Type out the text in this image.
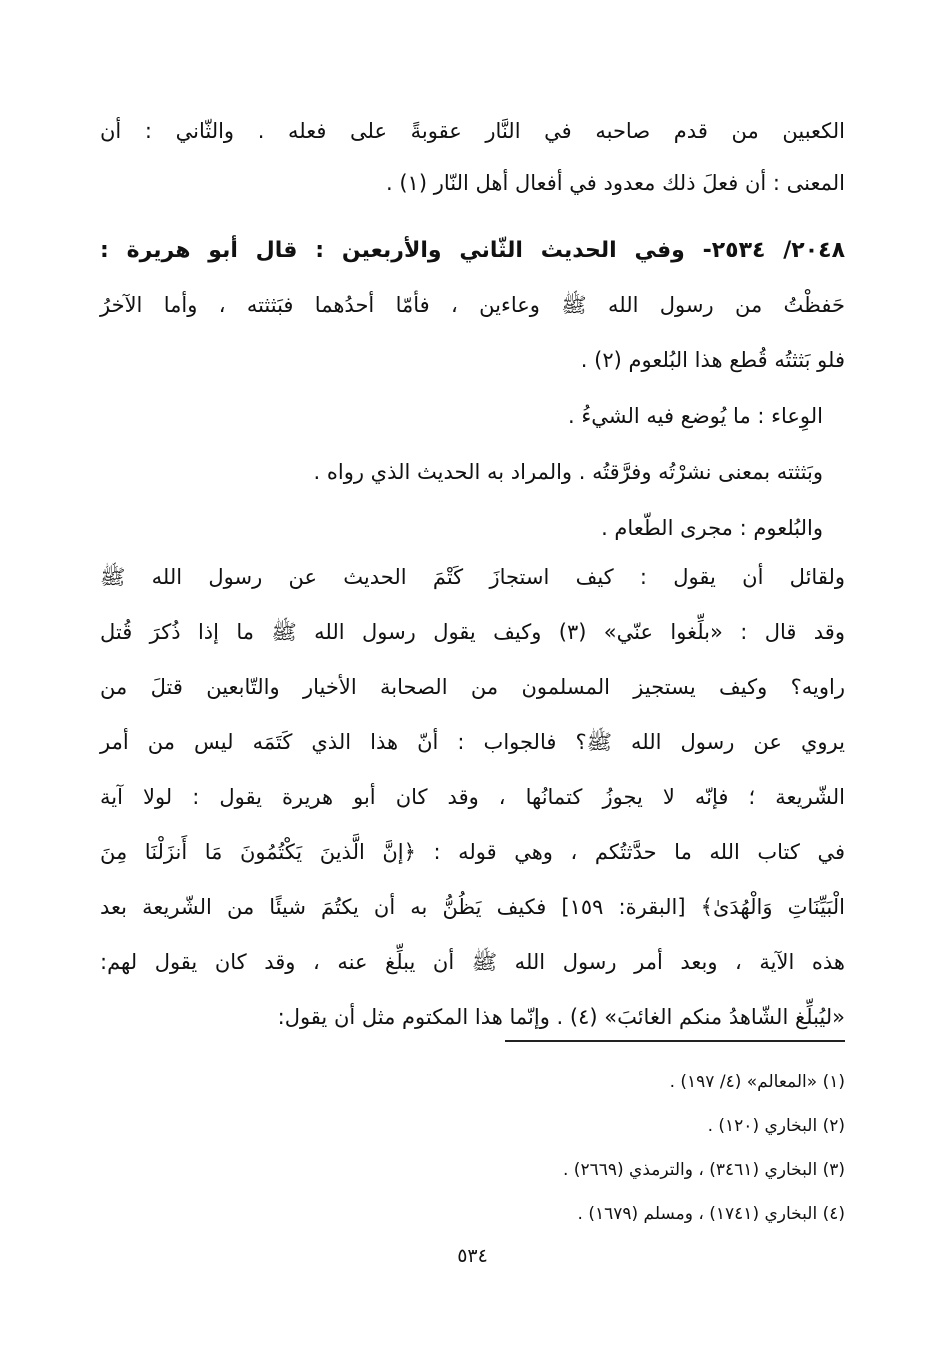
الكعبين من قدم صاحبه في النَّار عقوبةً على فعله . والثّاني : أن

المعنى : أن فعلَ ذلك معدود في أفعال أهل النّار (١) .

٢٠٤٨/ ٢٥٣٤- وفي الحديث الثّاني والأربعين : قال أبو هريرة :

حَفظْتُ من رسول الله ﷺ وعاءين ، فأمّا أحدُهما فبَثثته ، وأما الآخرُ

فلو بَثثتُه قُطع هذا البُلعوم (٢) .

الوِعاء : ما يُوضع فيه الشيءُ .

وبَثثته بمعنى نشرْتُه وفرَّقتُه . والمراد به الحديث الذي رواه .

والبُلعوم : مجرى الطّعام .

ولقائل أن يقول : كيف استجازَ كَتْمَ الحديث عن رسول الله ﷺ

وقد قال : «بلِّغوا عنّي» (٣) وكيف يقول رسول الله ﷺ ما إذا ذُكرَ قُتل

راويه؟ وكيف يستجيز المسلمون من الصحابة الأخيار والتّابعين قتلَ من

يروي عن رسول الله ﷺ؟ فالجواب : أنّ هذا الذي كَتَمَه ليس من أمر

الشّريعة ؛ فإنّه لا يجوزُ كتمانُها ، وقد كان أبو هريرة يقول : لولا آية

في كتاب الله ما حدَّثتُكم ، وهي قوله : ﴿إنَّ الَّذينَ يَكْتُمُونَ مَا أَنزَلْنَا مِنَ

الْبَيِّنَاتِ وَالْهُدَىٰ﴾ [البقرة: ١٥٩] فكيف يَظُنُّ به أن يكتُمَ شيئًا من الشّريعة بعد

هذه الآية ، وبعد أمر رسول الله ﷺ أن يبلِّغ عنه ، وقد كان يقول لهم:

«ليُبلِّغ الشّاهدُ منكم الغائبَ» (٤) . وإنّما هذا المكتوم مثل أن يقول:

(١) «المعالم» (٤/ ١٩٧) .
(٢) البخاري (١٢٠) .
(٣) البخاري (٣٤٦١) ، والترمذي (٢٦٦٩) .
(٤) البخاري (١٧٤١) ، ومسلم (١٦٧٩) .
٥٣٤
